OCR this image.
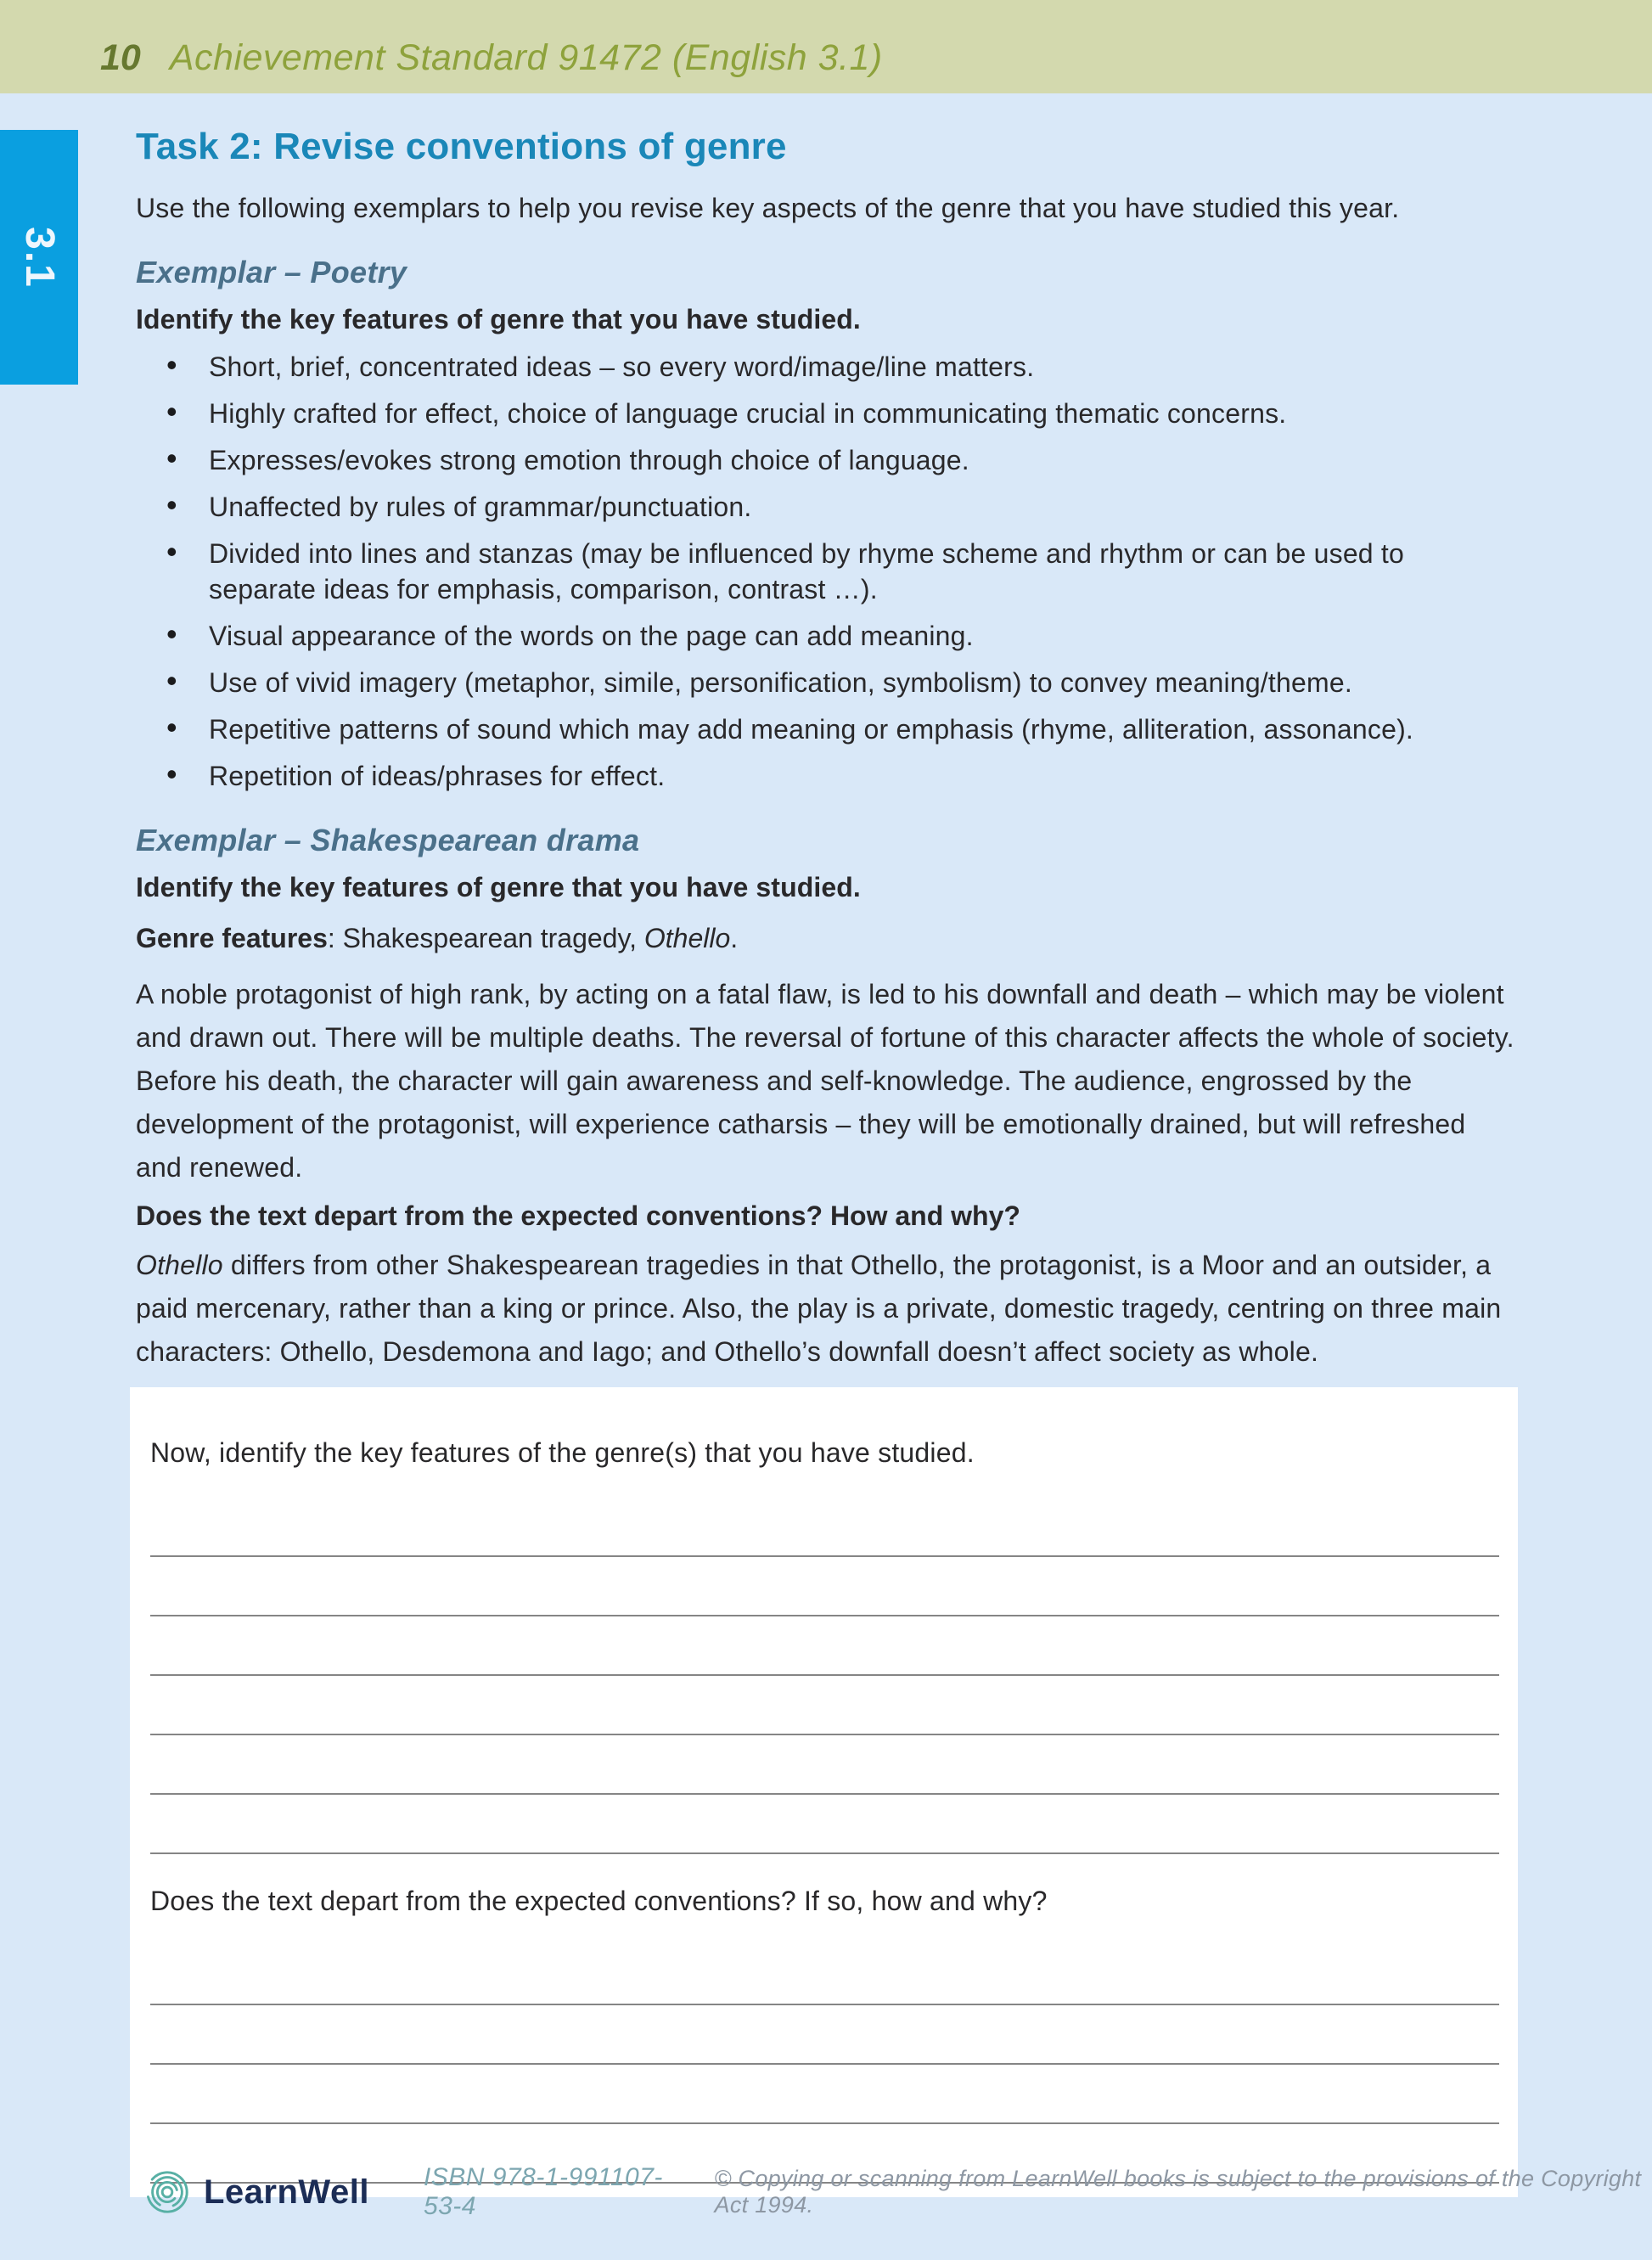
10 Achievement Standard 91472 (English 3.1)
3.1
Task 2: Revise conventions of genre

Use the following exemplars to help you revise key aspects of the genre that you have studied this year.

Exemplar – Poetry

Identify the key features of genre that you have studied.

• Short, brief, concentrated ideas – so every word/image/line matters.
• Highly crafted for effect, choice of language crucial in communicating thematic concerns.
• Expresses/evokes strong emotion through choice of language.
• Unaffected by rules of grammar/punctuation.
• Divided into lines and stanzas (may be influenced by rhyme scheme and rhythm or can be used to separate ideas for emphasis, comparison, contrast …).
• Visual appearance of the words on the page can add meaning.
• Use of vivid imagery (metaphor, simile, personification, symbolism) to convey meaning/theme.
• Repetitive patterns of sound which may add meaning or emphasis (rhyme, alliteration, assonance).
• Repetition of ideas/phrases for effect.
Exemplar – Shakespearean drama

Identify the key features of genre that you have studied.

Genre features: Shakespearean tragedy, Othello.

A noble protagonist of high rank, by acting on a fatal flaw, is led to his downfall and death – which may be violent and drawn out. There will be multiple deaths. The reversal of fortune of this character affects the whole of society. Before his death, the character will gain awareness and self-knowledge. The audience, engrossed by the development of the protagonist, will experience catharsis – they will be emotionally drained, but will refreshed and renewed.

Does the text depart from the expected conventions? How and why?

Othello differs from other Shakespearean tragedies in that Othello, the protagonist, is a Moor and an outsider, a paid mercenary, rather than a king or prince. Also, the play is a private, domestic tragedy, centring on three main characters: Othello, Desdemona and Iago; and Othello’s downfall doesn’t affect society as whole.

Now, identify the key features of the genre(s) that you have studied.

Does the text depart from the expected conventions? If so, how and why?

LearnWell ISBN 978-1-991107-53-4
© Copying or scanning from LearnWell books is subject to the provisions of the Copyright Act 1994.
